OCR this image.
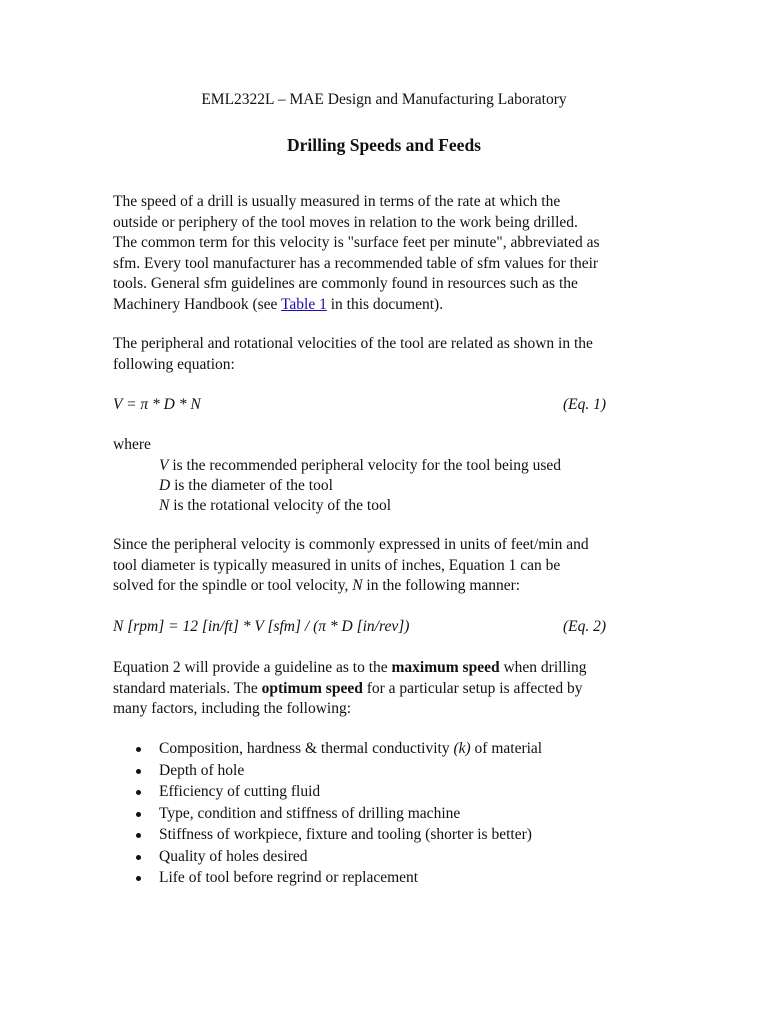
EML2322L – MAE Design and Manufacturing Laboratory
Drilling Speeds and Feeds
The speed of a drill is usually measured in terms of the rate at which the
outside or periphery of the tool moves in relation to the work being drilled.
The common term for this velocity is "surface feet per minute", abbreviated as
sfm. Every tool manufacturer has a recommended table of sfm values for their
tools. General sfm guidelines are commonly found in resources such as the
Machinery Handbook (see Table 1 in this document).
The peripheral and rotational velocities of the tool are related as shown in the
following equation:
V = π * D * N	(Eq. 1)
where
V is the recommended peripheral velocity for the tool being used
D is the diameter of the tool
N is the rotational velocity of the tool
Since the peripheral velocity is commonly expressed in units of feet/min and
tool diameter is typically measured in units of inches, Equation 1 can be
solved for the spindle or tool velocity, N in the following manner:
N [rpm] = 12 [in/ft] * V [sfm] / (π * D [in/rev])	(Eq. 2)
Equation 2 will provide a guideline as to the maximum speed when drilling
standard materials. The optimum speed for a particular setup is affected by
many factors, including the following:
Composition, hardness & thermal conductivity (k) of material
Depth of hole
Efficiency of cutting fluid
Type, condition and stiffness of drilling machine
Stiffness of workpiece, fixture and tooling (shorter is better)
Quality of holes desired
Life of tool before regrind or replacement
